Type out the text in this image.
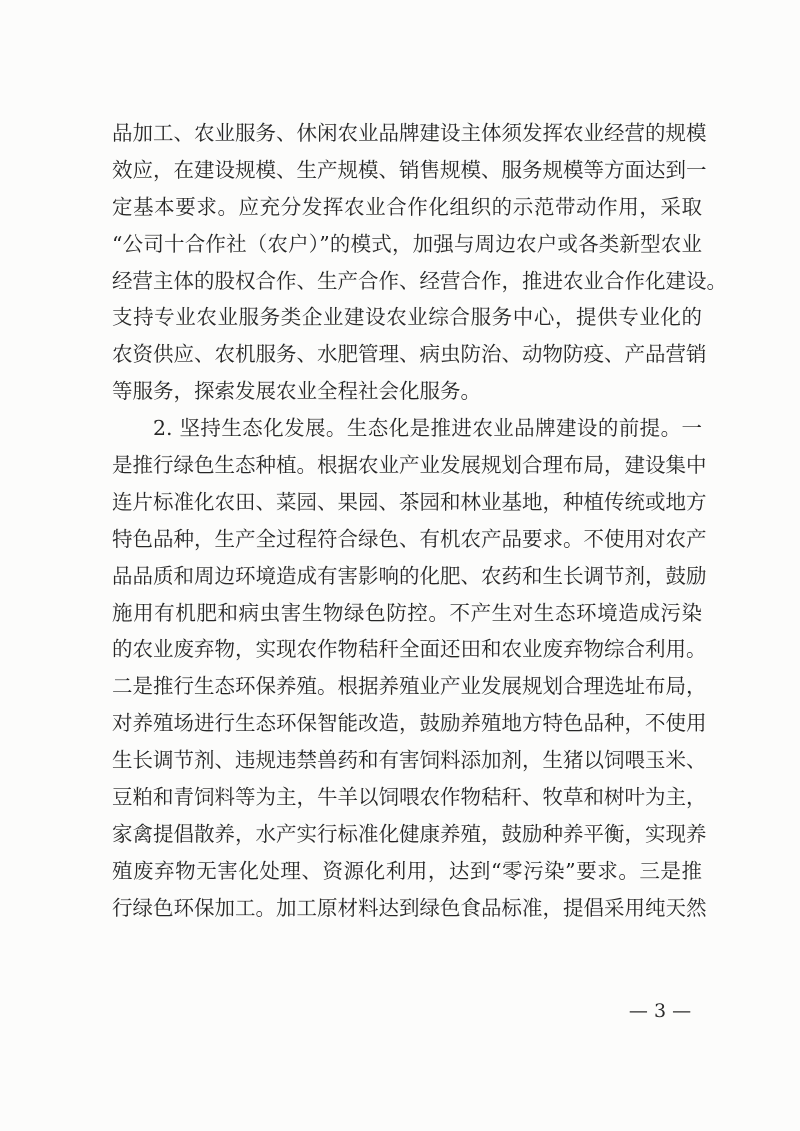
品加工、农业服务、休闲农业品牌建设主体须发挥农业经营的规模
效应，在建设规模、生产规模、销售规模、服务规模等方面达到一
定基本要求。应充分发挥农业合作化组织的示范带动作用，采取
“公司十合作社（农户）”的模式，加强与周边农户或各类新型农业
经营主体的股权合作、生产合作、经营合作，推进农业合作化建设。
支持专业农业服务类企业建设农业综合服务中心，提供专业化的
农资供应、农机服务、水肥管理、病虫防治、动物防疫、产品营销
等服务，探索发展农业全程社会化服务。
2. 坚持生态化发展。生态化是推进农业品牌建设的前提。一
是推行绿色生态种植。根据农业产业发展规划合理布局，建设集中
连片标准化农田、菜园、果园、茶园和林业基地，种植传统或地方
特色品种，生产全过程符合绿色、有机农产品要求。不使用对农产
品品质和周边环境造成有害影响的化肥、农药和生长调节剂，鼓励
施用有机肥和病虫害生物绿色防控。不产生对生态环境造成污染
的农业废弃物，实现农作物秸秆全面还田和农业废弃物综合利用。
二是推行生态环保养殖。根据养殖业产业发展规划合理选址布局，
对养殖场进行生态环保智能改造，鼓励养殖地方特色品种，不使用
生长调节剂、违规违禁兽药和有害饲料添加剂，生猪以饲喂玉米、
豆粕和青饲料等为主，牛羊以饲喂农作物秸秆、牧草和树叶为主，
家禽提倡散养，水产实行标准化健康养殖，鼓励种养平衡，实现养
殖废弃物无害化处理、资源化利用，达到“零污染”要求。三是推
行绿色环保加工。加工原材料达到绿色食品标准，提倡采用纯天然
— 3 —
